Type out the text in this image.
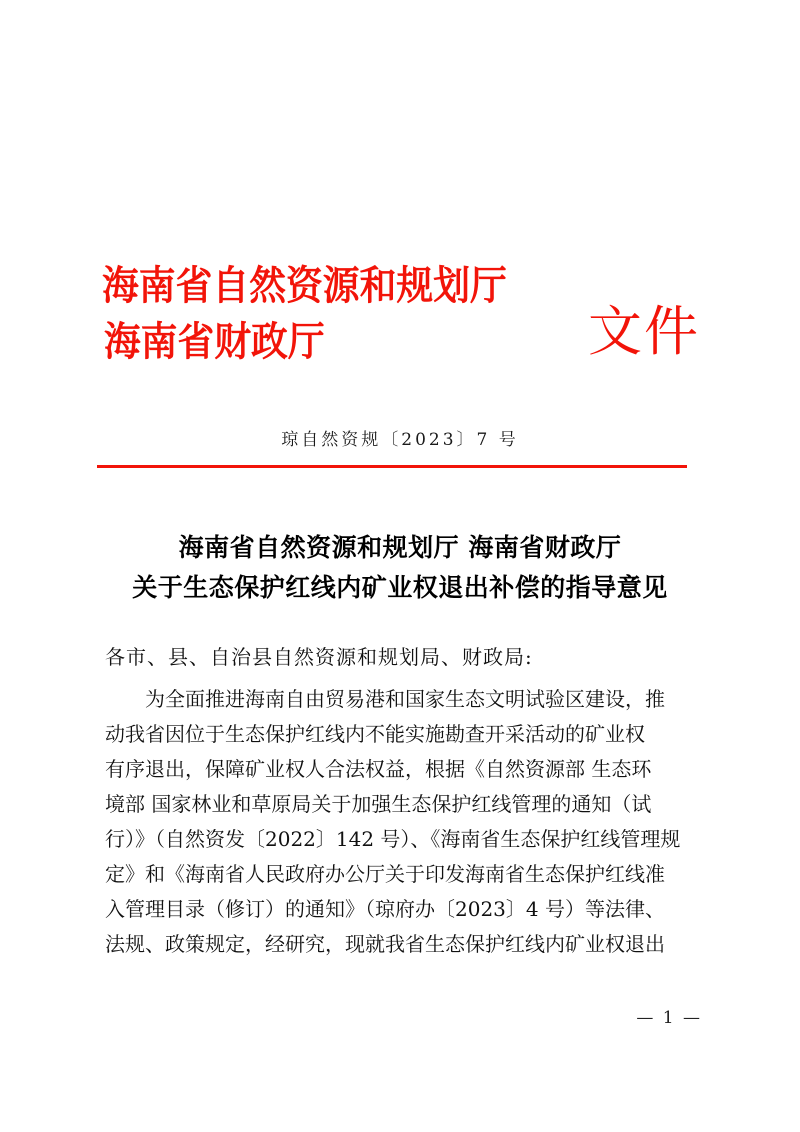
海南省自然资源和规划厅
海南省财政厅	文件
琼自然资规〔2023〕7 号
海南省自然资源和规划厅 海南省财政厅
关于生态保护红线内矿业权退出补偿的指导意见
各市、县、自治县自然资源和规划局、财政局:
为全面推进海南自由贸易港和国家生态文明试验区建设，推
动我省因位于生态保护红线内不能实施勘查开采活动的矿业权
有序退出，保障矿业权人合法权益，根据《自然资源部 生态环
境部 国家林业和草原局关于加强生态保护红线管理的通知（试
行）》（自然资发〔2022〕142 号）、《海南省生态保护红线管理规
定》和《海南省人民政府办公厅关于印发海南省生态保护红线准
入管理目录（修订）的通知》（琼府办〔2023〕4 号）等法律、
法规、政策规定，经研究，现就我省生态保护红线内矿业权退出
— 1 —
